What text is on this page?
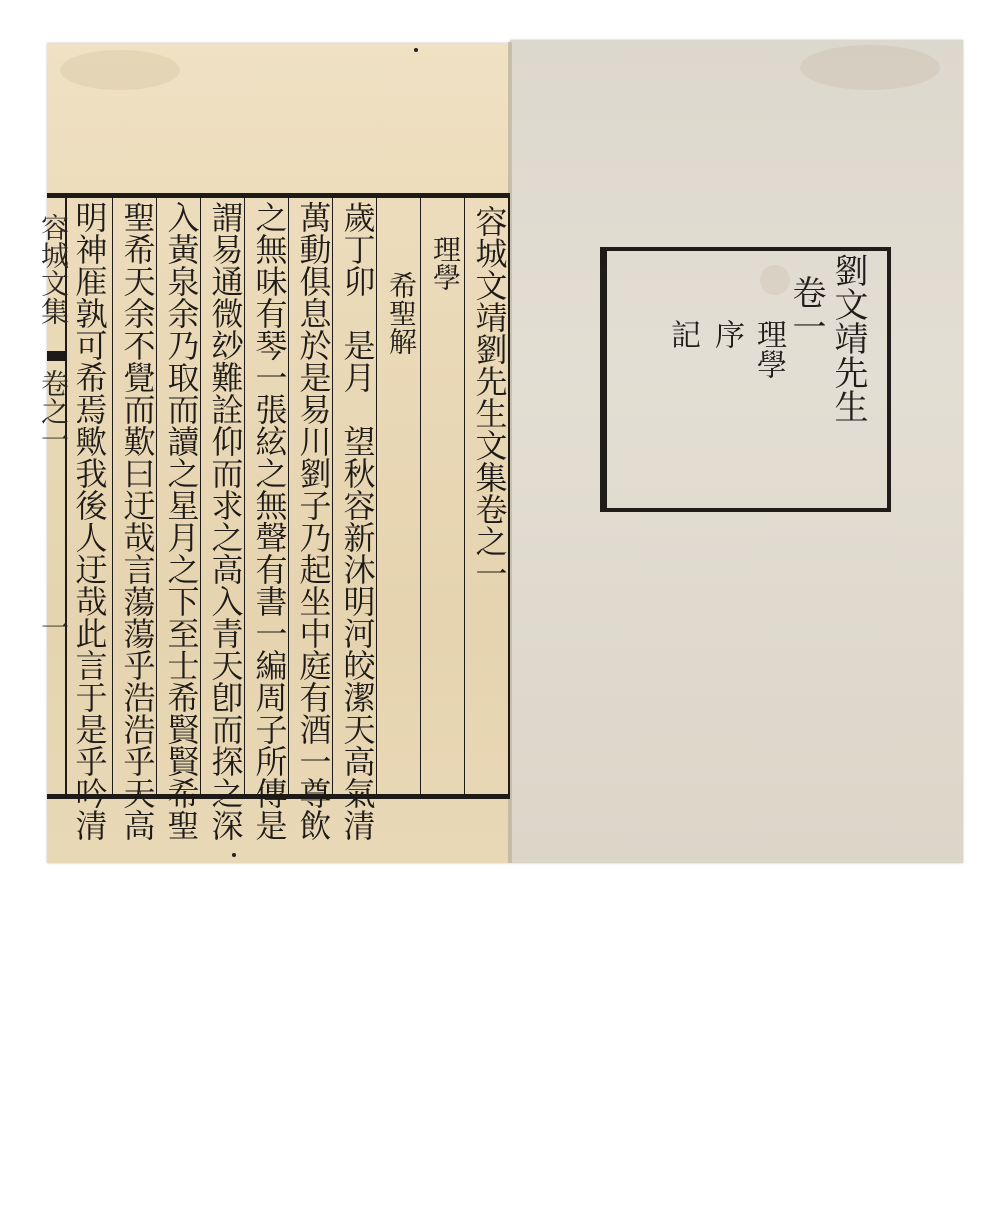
容城文靖劉先生文集卷之一
理學
希聖解
歲丁卯　是月　望秋容新沐明河皎潔天高氣清
萬動俱息於是易川劉子乃起坐中庭有酒一尊飲
之無味有琴一張絃之無聲有書一編周子所傳是
謂易通微玅難詮仰而求之高入青天卽而探之深
入黃泉余乃取而讀之星月之下至士希賢賢希聖
聖希天余不覺而歎曰迂哉言蕩蕩乎浩浩乎天高
明神㕍孰可希焉歟我後人迂哉此言于是乎吟清
容城文集
卷之一
一
劉文靖先生
卷一
理學
序
記
